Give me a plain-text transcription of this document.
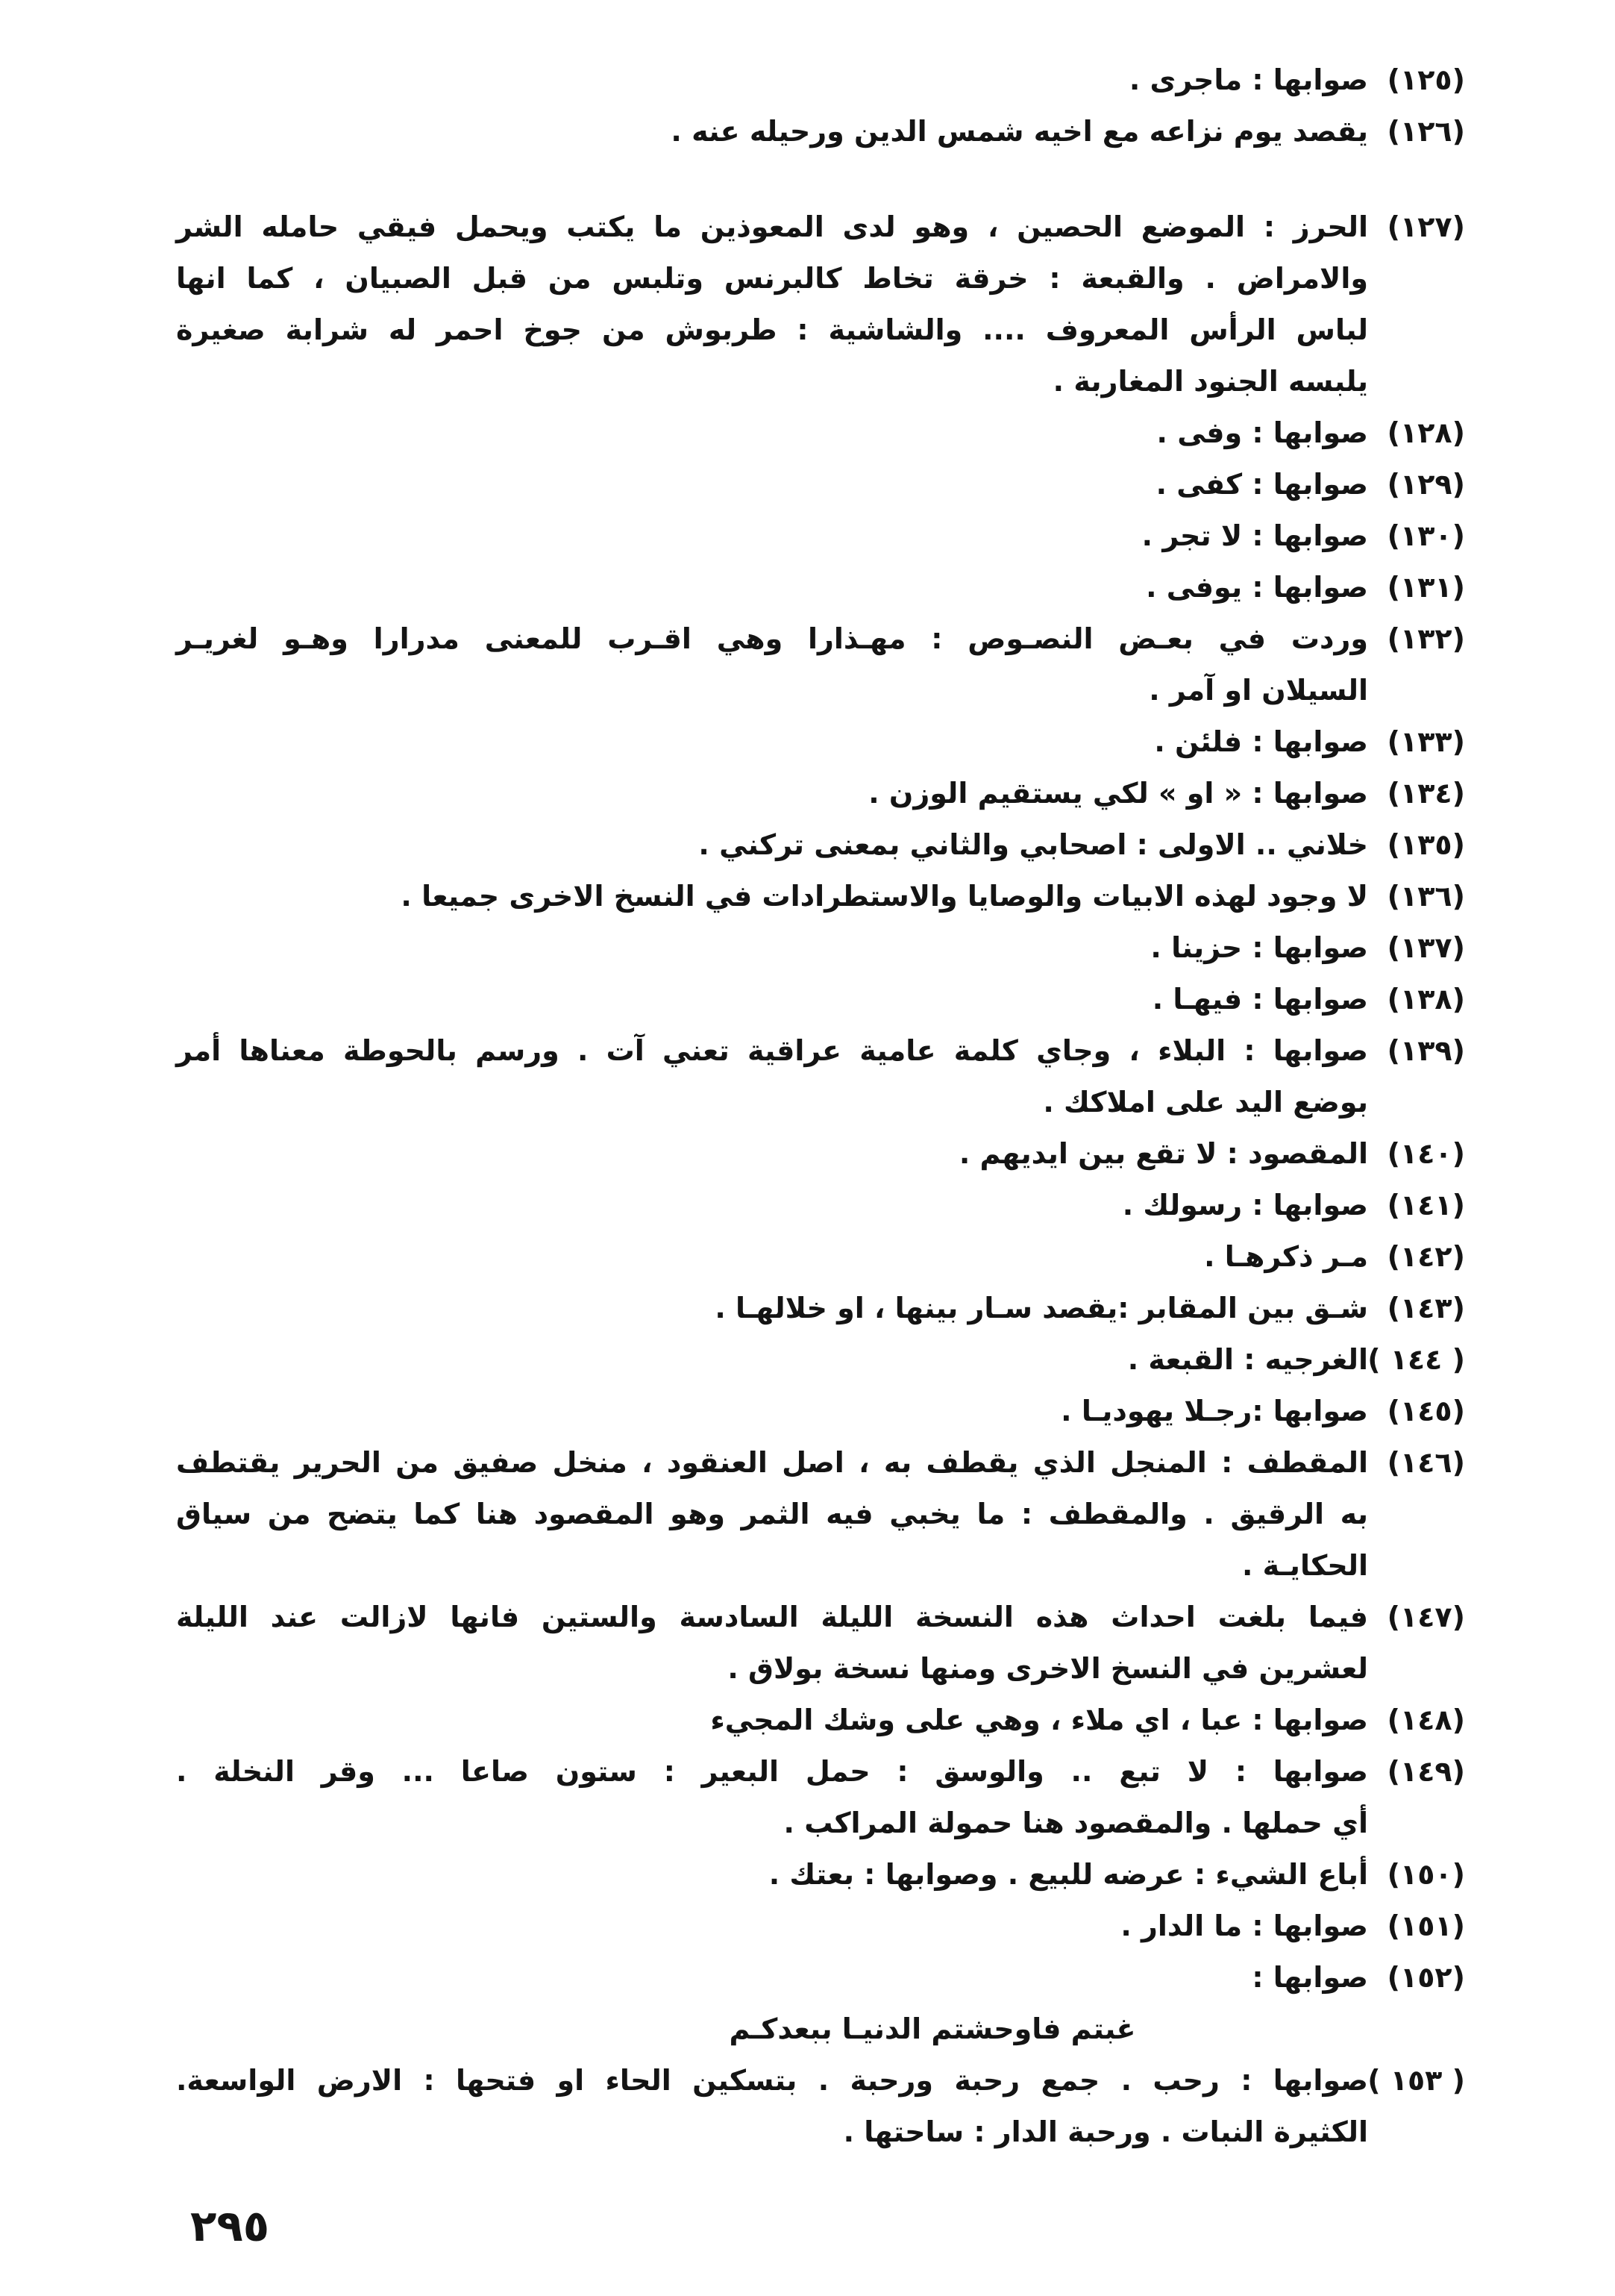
(١٢٥)
صوابها : ماجرى .
(١٢٦)
يقصد يوم نزاعه مع اخيه شمس الدين ورحيله عنه .
(١٢٧)
الحرز : الموضع الحصين ، وهو لدى المعوذين ما يكتب ويحمل فيقي حامله الشر
والامراض . والقبعة : خرقة تخاط كالبرنس وتلبس من قبل الصبيان ، كما انها
لباس الرأس المعروف .... والشاشية : طربوش من جوخ احمر له شرابة صغيرة
يلبسه الجنود المغاربة .
(١٢٨)
صوابها : وفى .
(١٢٩)
صوابها : كفى .
(١٣٠)
صوابها : لا تجر .
(١٣١)
صوابها : يوفى .
(١٣٢)
وردت في بعـض النصـوص : مهـذارا وهي اقـرب للمعنى مدرارا وهـو لغريـر
السيلان او آمر .
(١٣٣)
صوابها : فلئن .
(١٣٤)
صوابها : « او » لكي يستقيم الوزن .
(١٣٥)
خلاني .. الاولى : اصحابي والثاني بمعنى تركني .
(١٣٦)
لا وجود لهذه الابيات والوصايا والاستطرادات في النسخ الاخرى جميعا .
(١٣٧)
صوابها : حزينا .
(١٣٨)
صوابها : فيهـا .
(١٣٩)
صوابها : البلاء ، وجاي كلمة عامية عراقية تعني آت . ورسم بالحوطة معناها أمر
بوضع اليد على املاكك .
(١٤٠)
المقصود : لا تقع بين ايديهم .
(١٤١)
صوابها : رسولك .
(١٤٢)
مـر ذكرهـا .
(١٤٣)
شـق بين المقابر :يقصد سـار بينها ، او خلالهـا .
( ١٤٤ )
الغرجيه : القبعة .
(١٤٥)
صوابها :رجـلا يهوديـا .
(١٤٦)
المقطف : المنجل الذي يقطف به ، اصل العنقود ، منخل صفيق من الحرير يقتطف
به الرقيق . والمقطف : ما يخبي فيه الثمر وهو المقصود هنا كما يتضح من سياق
الحكايـة .
(١٤٧)
فيما بلغت احداث هذه النسخة الليلة السادسة والستين فانها لازالت عند الليلة
لعشرين في النسخ الاخرى ومنها نسخة بولاق .
(١٤٨)
صوابها : عبا ، اي ملاء ، وهي على وشك المجيء
(١٤٩)
صوابها : لا تبع .. والوسق : حمل البعير : ستون صاعا ... وقر النخلة .
أي حملها . والمقصود هنا حمولة المراكب .
(١٥٠)
أباع الشيء : عرضه للبيع . وصوابها : بعتك .
(١٥١)
صوابها : ما الدار .
(١٥٢)
صوابها :
غبتم فاوحشتم الدنيـا ببعدكـم
( ١٥٣ )
صوابها : رحب . جمع رحبة ورحبة . بتسكين الحاء او فتحها : الارض الواسعة.
الكثيرة النبات . ورحبة الدار : ساحتها .
٢٩٥
